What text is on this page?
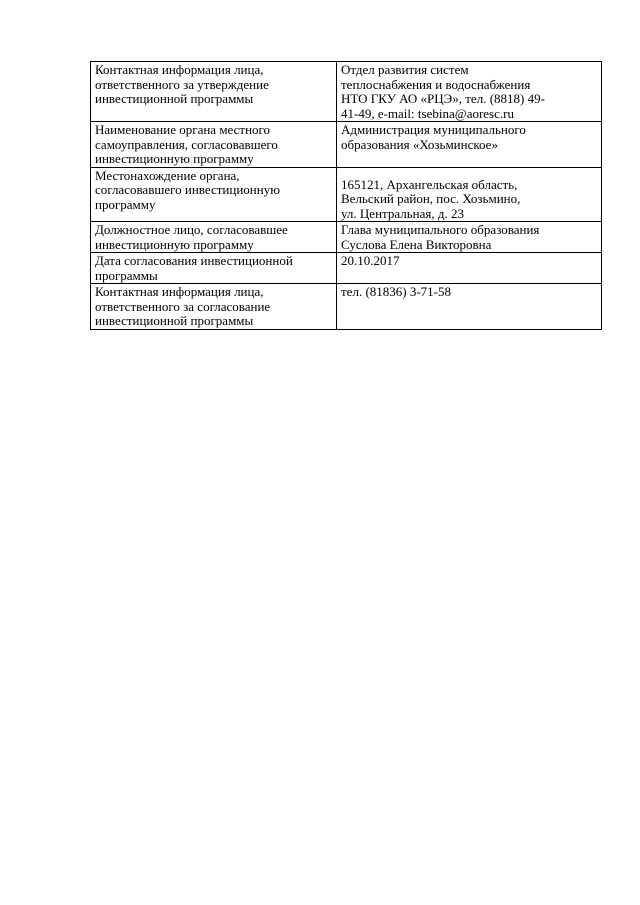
Контактная информация лица,
ответственного за утверждение
инвестиционной программы	Отдел развития систем
теплоснабжения и водоснабжения
НТО ГКУ АО «РЦЭ», тел. (8818) 49-
41-49, e-mail: tsebina@aoresc.ru

Наименование органа местного
самоуправления, согласовавшего
инвестиционную программу	Администрация муниципального
образования «Хозьминское»

Местонахождение органа,
согласовавшего инвестиционную
программу	165121, Архангельская область,
Вельский район, пос. Хозьмино,
ул. Центральная, д. 23

Должностное лицо, согласовавшее
инвестиционную программу	Глава муниципального образования
Суслова Елена Викторовна

Дата согласования инвестиционной
программы	20.10.2017

Контактная информация лица,
ответственного за согласование
инвестиционной программы	тел. (81836) 3-71-58
